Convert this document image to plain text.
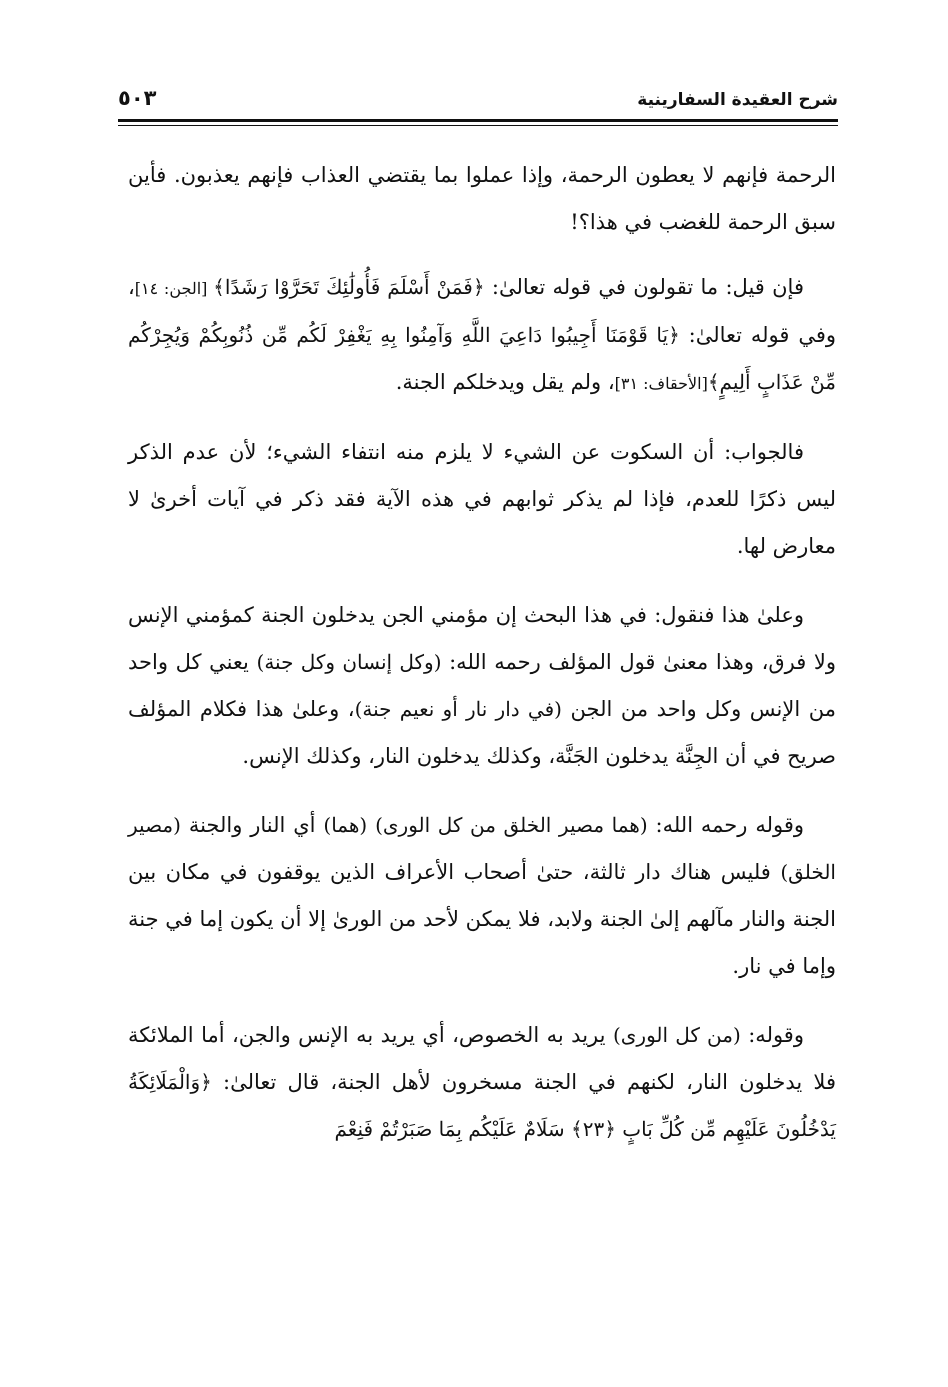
شرح العقيدة السفارينية
٥٠٣

الرحمة فإنهم لا يعطون الرحمة، وإذا عملوا بما يقتضي العذاب فإنهم يعذبون. فأين سبق الرحمة للغضب في هذا؟!

فإن قيل: ما تقولون في قوله تعالىٰ: ﴿فَمَنْ أَسْلَمَ فَأُولَٰئِكَ تَحَرَّوْا رَشَدًا﴾ [الجن: ١٤]، وفي قوله تعالىٰ: ﴿يَا قَوْمَنَا أَجِيبُوا دَاعِيَ اللَّهِ وَآمِنُوا بِهِ يَغْفِرْ لَكُم مِّن ذُنُوبِكُمْ وَيُجِرْكُم مِّنْ عَذَابٍ أَلِيمٍ﴾[الأحقاف: ٣١]، ولم يقل ويدخلكم الجنة.

فالجواب: أن السكوت عن الشيء لا يلزم منه انتفاء الشيء؛ لأن عدم الذكر ليس ذكرًا للعدم، فإذا لم يذكر ثوابهم في هذه الآية فقد ذكر في آيات أخرىٰ لا معارض لها.

وعلىٰ هذا فنقول: في هذا البحث إن مؤمني الجن يدخلون الجنة كمؤمني الإنس ولا فرق، وهذا معنىٰ قول المؤلف رحمه الله: (وكل إنسان وكل جنة) يعني كل واحد من الإنس وكل واحد من الجن (في دار نار أو نعيم جنة)، وعلىٰ هذا فكلام المؤلف صريح في أن الجِنَّة يدخلون الجَنَّة، وكذلك يدخلون النار، وكذلك الإنس.

وقوله رحمه الله: (هما مصير الخلق من كل الورى) (هما) أي النار والجنة (مصير الخلق) فليس هناك دار ثالثة، حتىٰ أصحاب الأعراف الذين يوقفون في مكان بين الجنة والنار مآلهم إلىٰ الجنة ولابد، فلا يمكن لأحد من الورىٰ إلا أن يكون إما في جنة وإما في نار.

وقوله: (من كل الورى) يريد به الخصوص، أي يريد به الإنس والجن، أما الملائكة فلا يدخلون النار، لكنهم في الجنة مسخرون لأهل الجنة، قال تعالىٰ: ﴿وَالْمَلَائِكَةُ يَدْخُلُونَ عَلَيْهِم مِّن كُلِّ بَابٍ ﴿٢٣﴾ سَلَامٌ عَلَيْكُم بِمَا صَبَرْتُمْ فَنِعْمَ
